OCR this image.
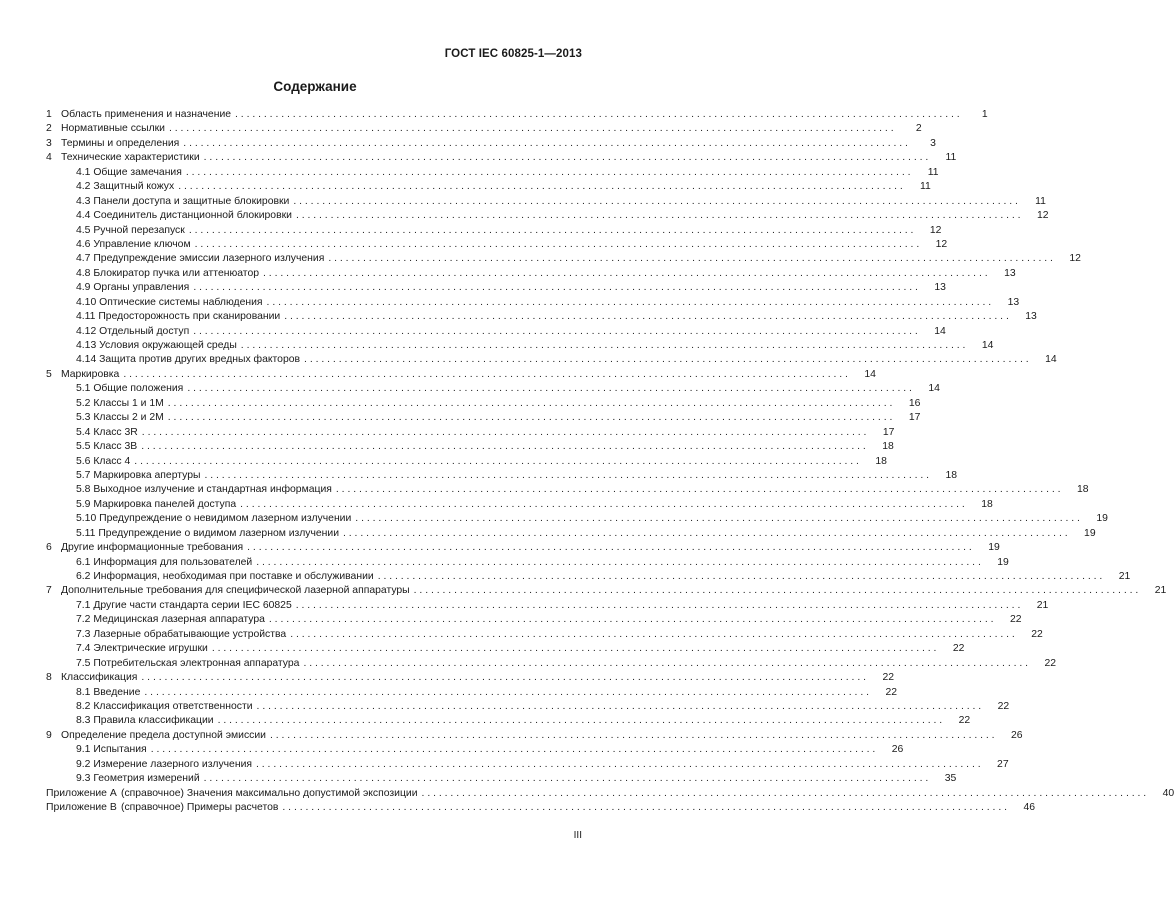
ГОСТ IEC 60825-1—2013
Содержание
1 Область применения и назначение . . .	1
2 Нормативные ссылки . . .	2
3 Термины и определения . . .	3
4 Технические характеристики . . .	11
4.1 Общие замечания . . .	11
4.2 Защитный кожух . . .	11
4.3 Панели доступа и защитные блокировки . . .	11
4.4 Соединитель дистанционной блокировки . . .	12
4.5 Ручной перезапуск . . .	12
4.6 Управление ключом . . .	12
4.7 Предупреждение эмиссии лазерного излучения . . .	12
4.8 Блокиратор пучка или аттенюатор . . .	13
4.9 Органы управления . . .	13
4.10 Оптические системы наблюдения . . .	13
4.11 Предосторожность при сканировании . . .	13
4.12 Отдельный доступ . . .	14
4.13 Условия окружающей среды . . .	14
4.14 Защита против других вредных факторов . . .	14
5 Маркировка . . .	14
5.1 Общие положения . . .	14
5.2 Классы 1 и 1М . . .	16
5.3 Классы 2 и 2М . . .	17
5.4 Класс 3R . . .	17
5.5 Класс 3В . . .	18
5.6 Класс 4 . . .	18
5.7 Маркировка апертуры . . .	18
5.8 Выходное излучение и стандартная информация . . .	18
5.9 Маркировка панелей доступа . . .	18
5.10 Предупреждение о невидимом лазерном излучении . . .	19
5.11 Предупреждение о видимом лазерном излучении . . .	19
6 Другие информационные требования . . .	19
6.1 Информация для пользователей . . .	19
6.2 Информация, необходимая при поставке и обслуживании . . .	21
7 Дополнительные требования для специфической лазерной аппаратуры . . .	21
7.1 Другие части стандарта серии IEC 60825 . . .	21
7.2 Медицинская лазерная аппаратура . . .	22
7.3 Лазерные обрабатывающие устройства . . .	22
7.4 Электрические игрушки . . .	22
7.5 Потребительская электронная аппаратура . . .	22
8 Классификация . . .	22
8.1 Введение . . .	22
8.2 Классификация ответственности . . .	22
8.3 Правила классификации . . .	22
9 Определение предела доступной эмиссии . . .	26
9.1 Испытания . . .	26
9.2 Измерение лазерного излучения . . .	27
9.3 Геометрия измерений . . .	35
Приложение А (справочное) Значения максимально допустимой экспозиции . . .	40
Приложение В (справочное) Примеры расчетов . . .	46
III
